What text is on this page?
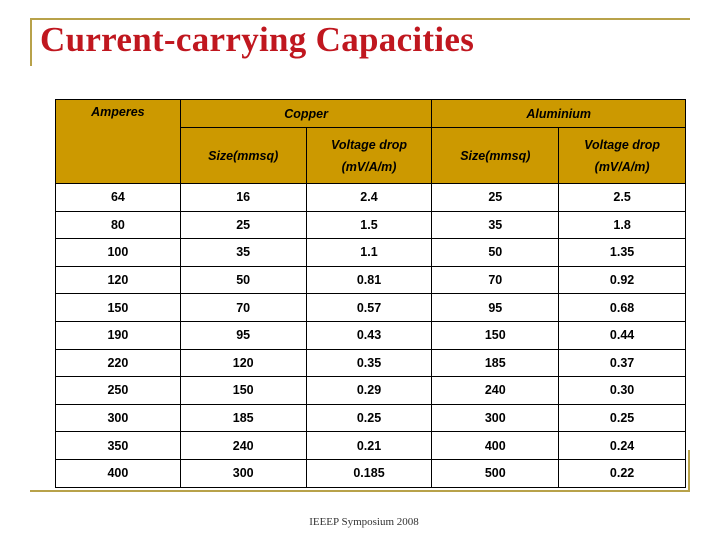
Current-carrying Capacities
Amperes	Copper		Aluminium	
	Size(mmsq)	Voltage drop (mV/A/m)	Size(mmsq)	Voltage drop (mV/A/m)
64	16	2.4	25	2.5
80	25	1.5	35	1.8
100	35	1.1	50	1.35
120	50	0.81	70	0.92
150	70	0.57	95	0.68
190	95	0.43	150	0.44
220	120	0.35	185	0.37
250	150	0.29	240	0.30
300	185	0.25	300	0.25
350	240	0.21	400	0.24
400	300	0.185	500	0.22
IEEEP Symposium 2008
